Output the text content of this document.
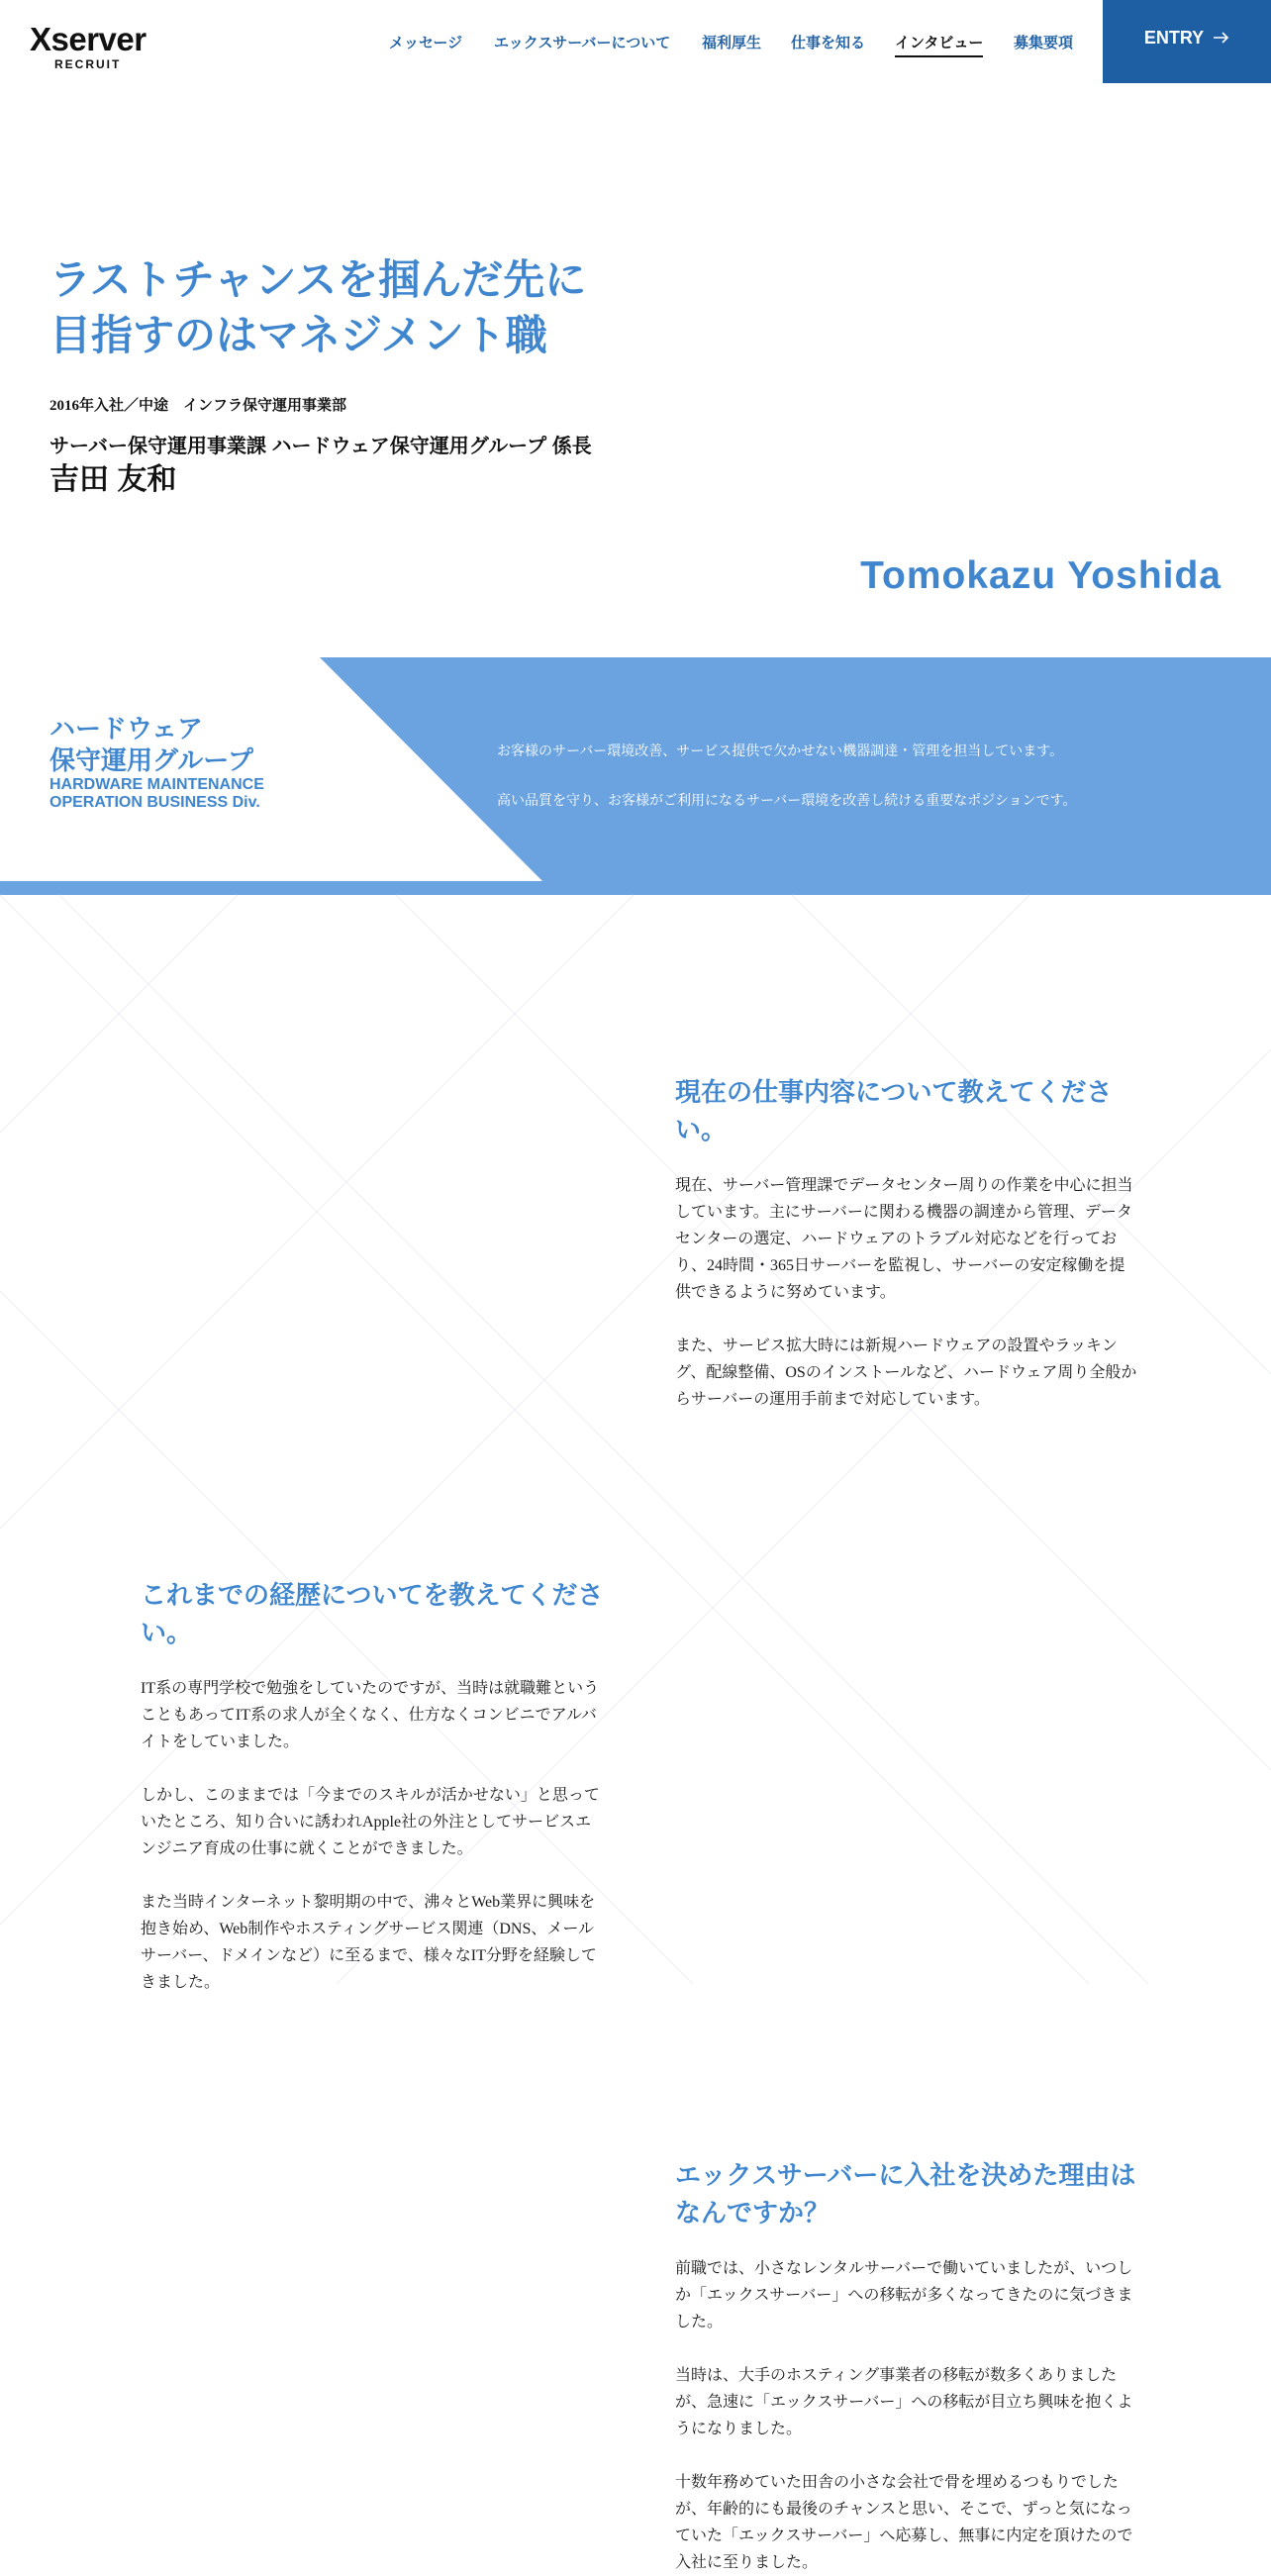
Xserver
RECRUIT
メッセージ エックスサーバーについて 福利厚生 仕事を知る インタビュー 募集要項	ENTRY
ラストチャンスを掴んだ先に
目指すのはマネジメント職
2016年入社／中途　インフラ保守運用事業部
サーバー保守運用事業課 ハードウェア保守運用グループ 係長
吉田 友和
Tomokazu Yoshida
ハードウェア
保守運用グループ
HARDWARE MAINTENANCE
OPERATION BUSINESS Div.

お客様のサーバー環境改善、サービス提供で欠かせない機器調達・管理を担当しています。

高い品質を守り、お客様がご利用になるサーバー環境を改善し続ける重要なポジションです。

現在の仕事内容について教えてください。

現在、サーバー管理課でデータセンター周りの作業を中心に担当しています。主にサーバーに関わる機器の調達から管理、データセンターの選定、ハードウェアのトラブル対応などを行っており、24時間・365日サーバーを監視し、サーバーの安定稼働を提供できるように努めています。

また、サービス拡大時には新規ハードウェアの設置やラッキング、配線整備、OSのインストールなど、ハードウェア周り全般からサーバーの運用手前まで対応しています。

これまでの経歴についてを教えてください。

IT系の専門学校で勉強をしていたのですが、当時は就職難ということもあってIT系の求人が全くなく、仕方なくコンビニでアルバイトをしていました。

しかし、このままでは「今までのスキルが活かせない」と思っていたところ、知り合いに誘われApple社の外注としてサービスエンジニア育成の仕事に就くことができました。

また当時インターネット黎明期の中で、沸々とWeb業界に興味を抱き始め、Web制作やホスティングサービス関連（DNS、メールサーバー、ドメインなど）に至るまで、様々なIT分野を経験してきました。

エックスサーバーに入社を決めた理由はなんですか？

前職では、小さなレンタルサーバーで働いていましたが、いつしか「エックスサーバー」への移転が多くなってきたのに気づきました。

当時は、大手のホスティング事業者の移転が数多くありましたが、急速に「エックスサーバー」への移転が目立ち興味を抱くようになりました。

十数年務めていた田舎の小さな会社で骨を埋めるつもりでしたが、年齢的にも最後のチャンスと思い、そこで、ずっと気になっていた「エックスサーバー」へ応募し、無事に内定を頂けたので入社に至りました。
